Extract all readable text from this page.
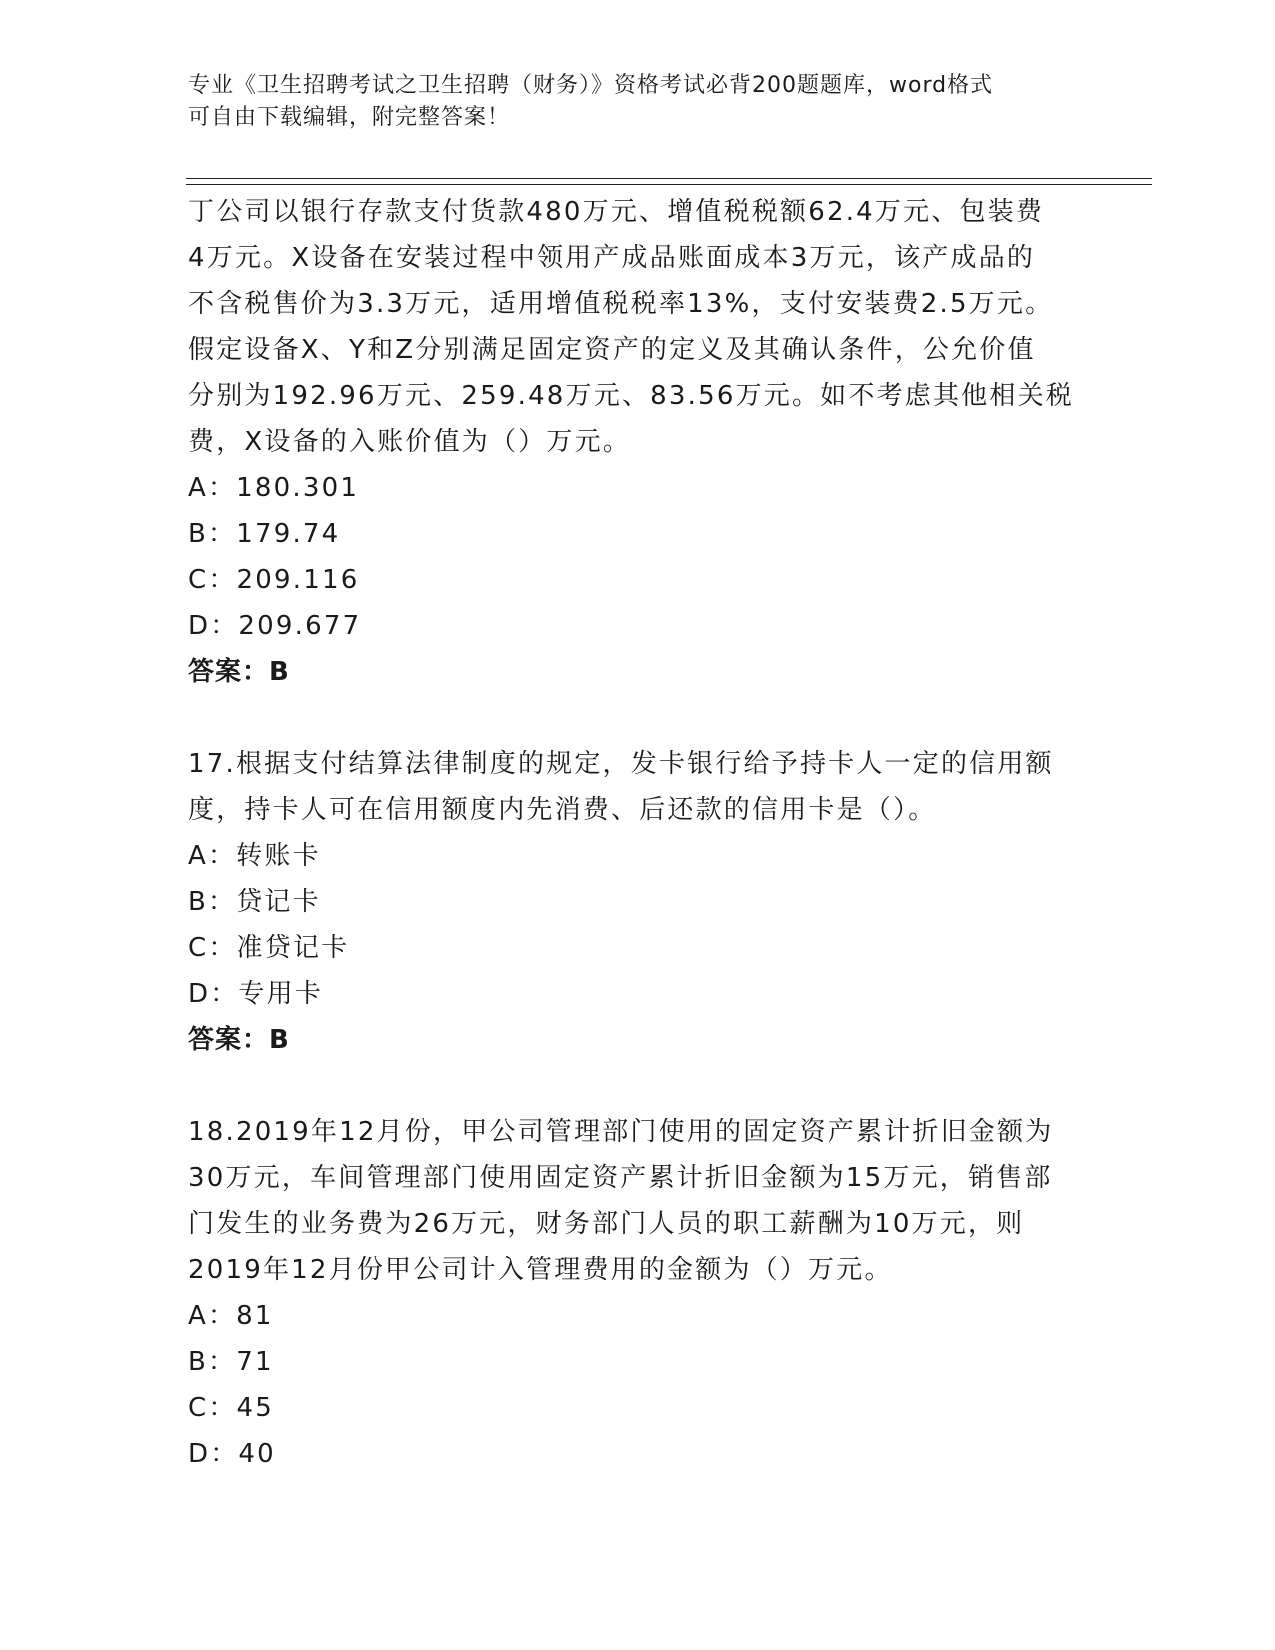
专业《卫生招聘考试之卫生招聘（财务）》资格考试必背200题题库，word格式
可自由下载编辑，附完整答案！

丁公司以银行存款支付货款480万元、增值税税额62.4万元、包装费

4万元。X设备在安装过程中领用产成品账面成本3万元，该产成品的

不含税售价为3.3万元，适用增值税税率13%，支付安装费2.5万元。

假定设备X、Y和Z分别满足固定资产的定义及其确认条件，公允价值

分别为192.96万元、259.48万元、83.56万元。如不考虑其他相关税

费，X设备的入账价值为（）万元。

A：180.301
B：179.74
C：209.116
D：209.677
答案：B

17.根据支付结算法律制度的规定，发卡银行给予持卡人一定的信用额

度，持卡人可在信用额度内先消费、后还款的信用卡是（）。

A：转账卡
B：贷记卡
C：准贷记卡
D：专用卡
答案：B

18.2019年12月份，甲公司管理部门使用的固定资产累计折旧金额为

30万元，车间管理部门使用固定资产累计折旧金额为15万元，销售部

门发生的业务费为26万元，财务部门人员的职工薪酬为10万元，则

2019年12月份甲公司计入管理费用的金额为（）万元。

A：81
B：71
C：45
D：40
